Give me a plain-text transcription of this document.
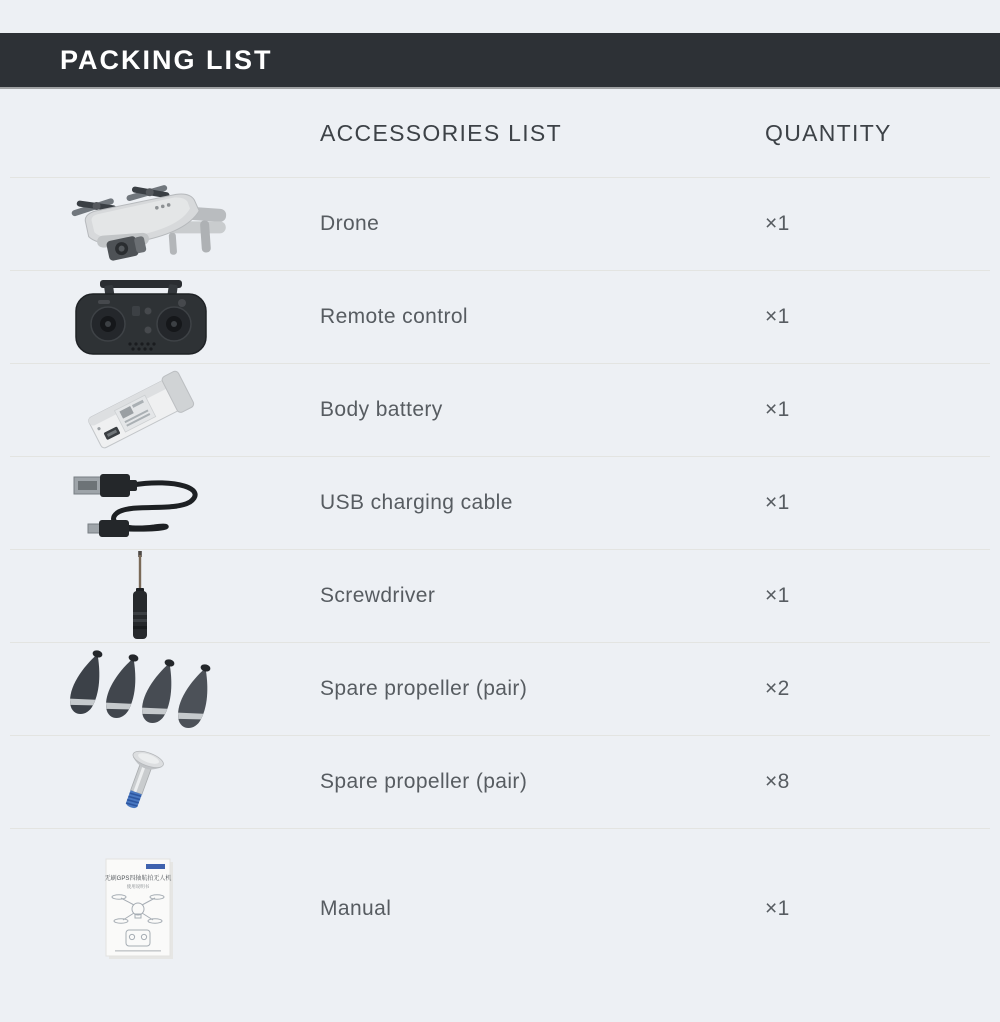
PACKING LIST
ACCESSORIES LIST	QUANTITY
Drone	×1
Remote control	×1
Body battery	×1
USB charging cable	×1
Screwdriver	×1
Spare propeller (pair)	×2
Spare propeller (pair)	×8
无刷GPS四轴航拍无人机
使用说明书
Manual	×1
